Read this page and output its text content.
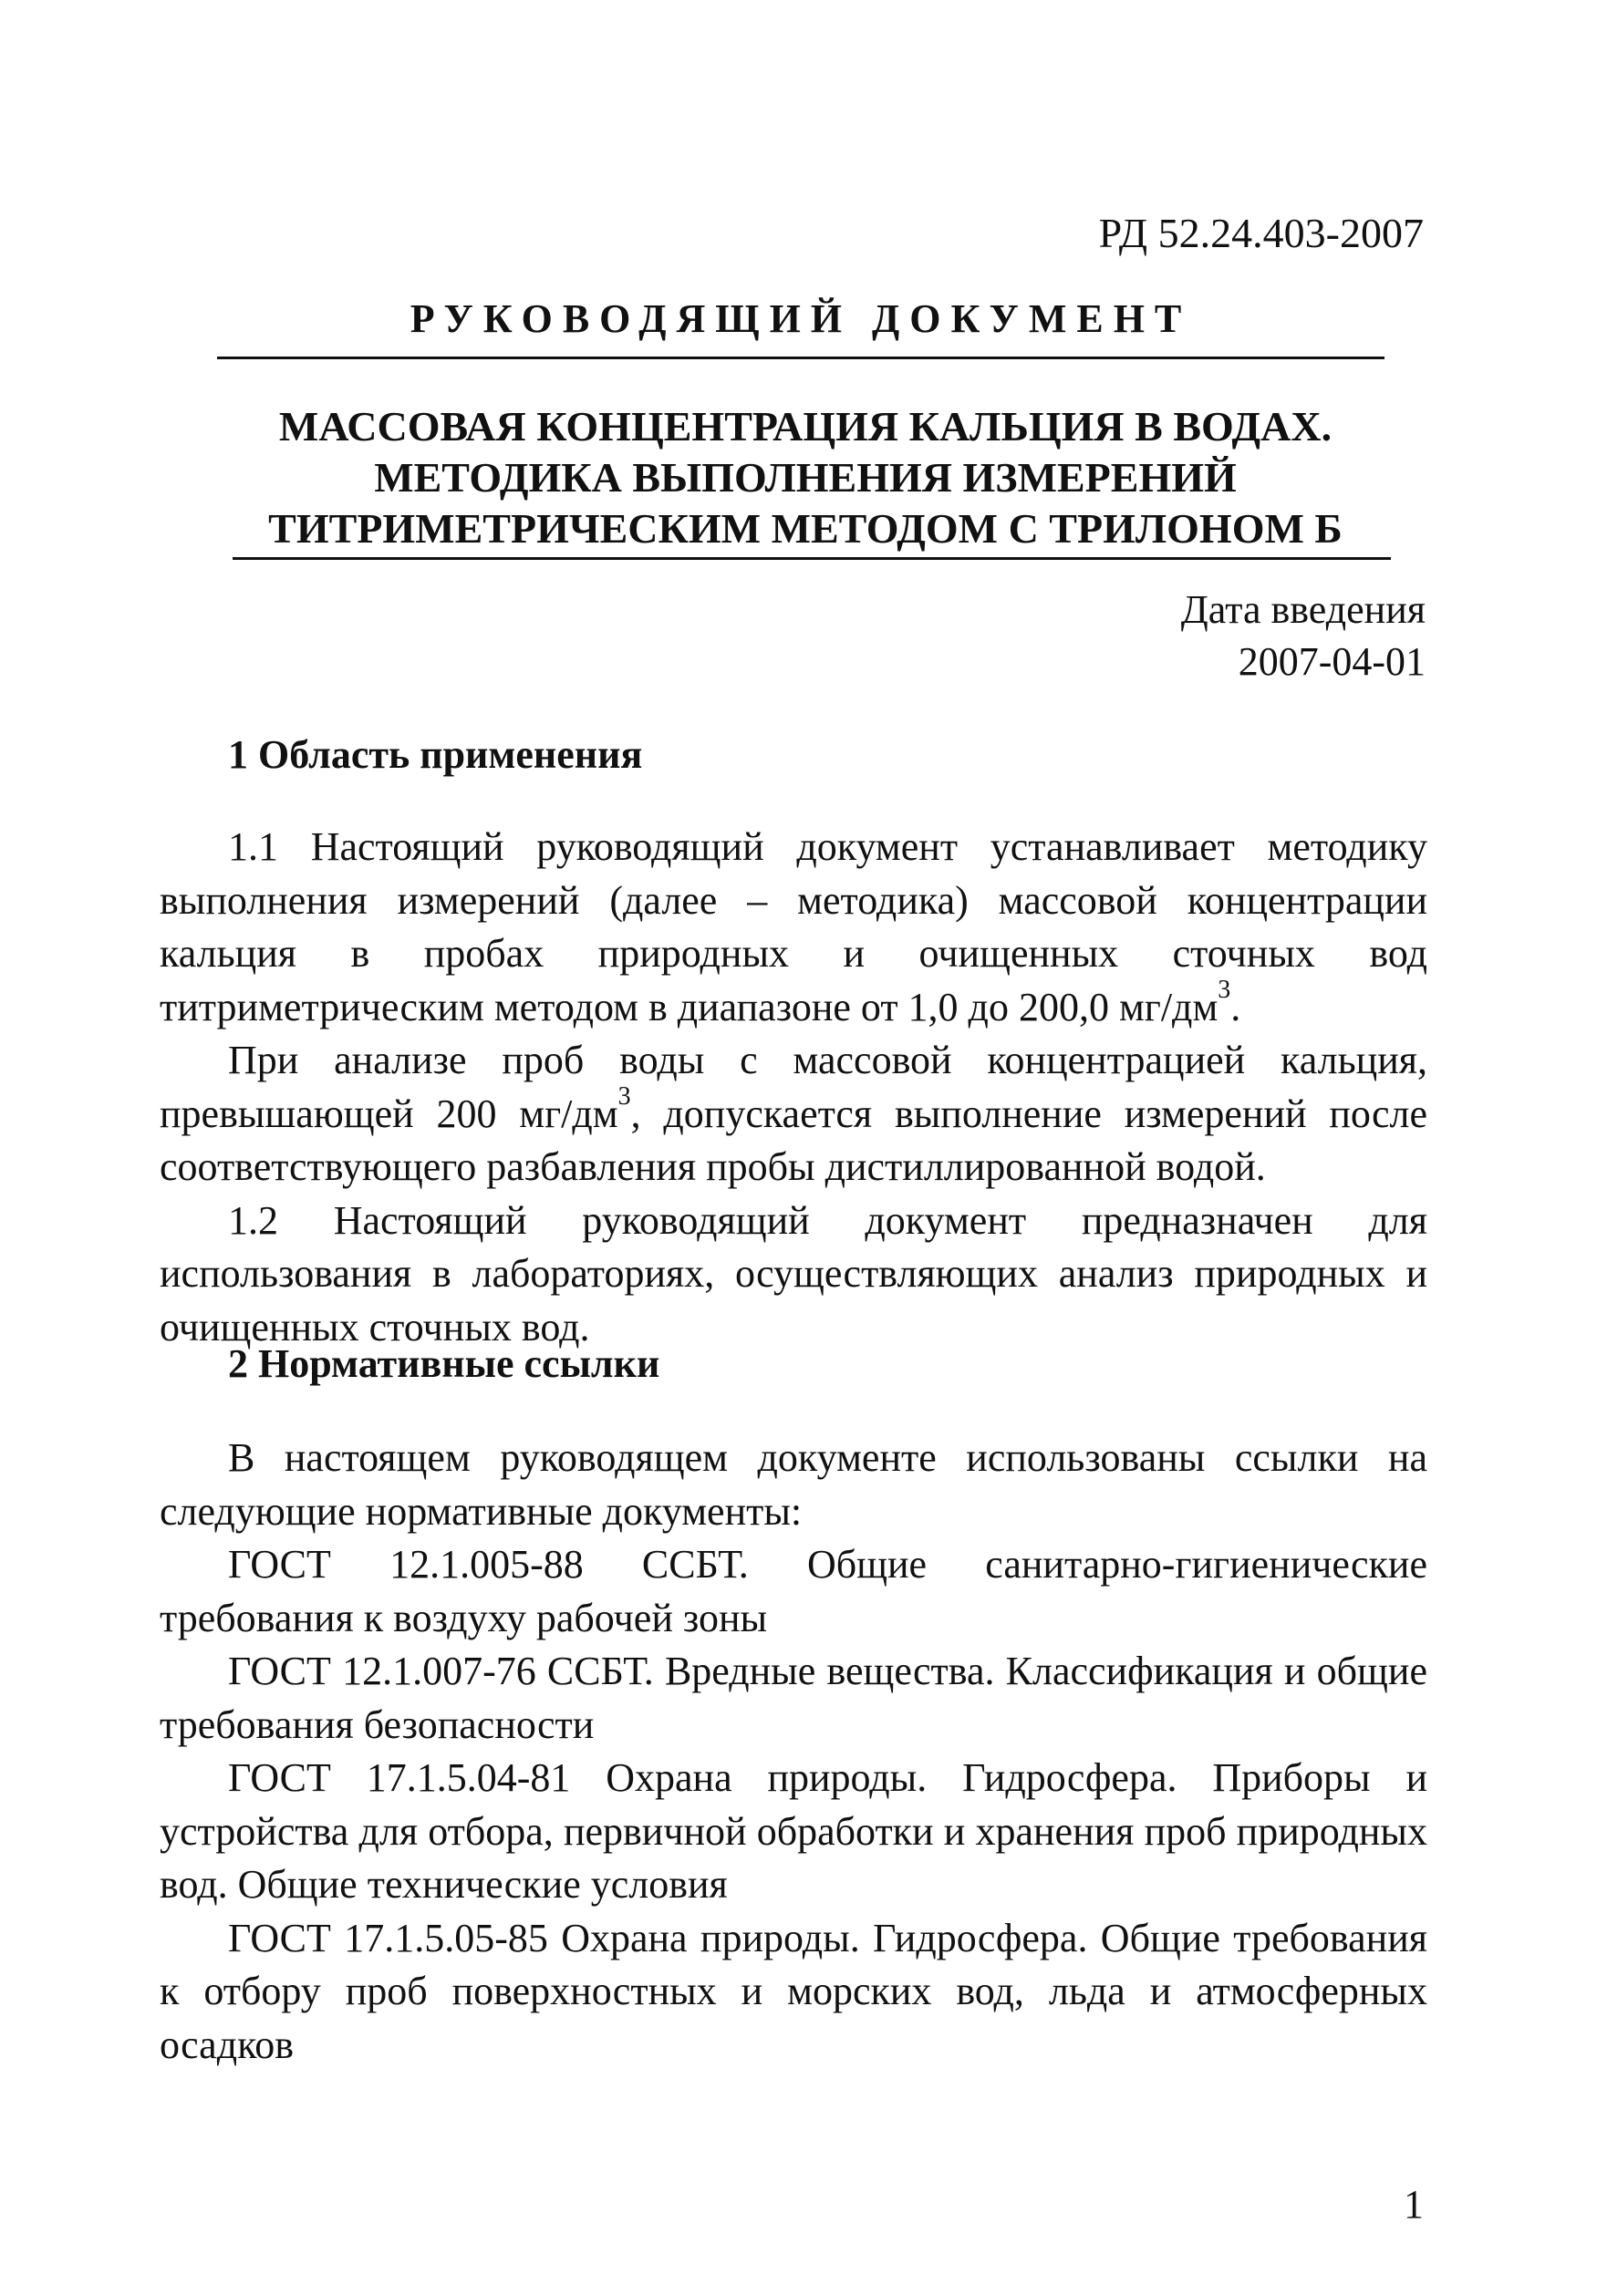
РД 52.24.403-2007
РУКОВОДЯЩИЙ ДОКУМЕНТ
МАССОВАЯ КОНЦЕНТРАЦИЯ КАЛЬЦИЯ В ВОДАХ.
МЕТОДИКА ВЫПОЛНЕНИЯ ИЗМЕРЕНИЙ
ТИТРИМЕТРИЧЕСКИМ МЕТОДОМ С ТРИЛОНОМ Б
Дата введения
2007-04-01
1 Область применения

1.1 Настоящий руководящий документ устанавливает методику выполнения измерений (далее – методика) массовой концентрации кальция в пробах природных и очищенных сточных вод титриметрическим методом в диапазоне от 1,0 до 200,0 $мг/дм^3$.

При анализе проб воды с массовой концентрацией кальция, превышающей 200 $мг/дм^3$, допускается выполнение измерений после соответствующего разбавления пробы дистиллированной водой.

1.2 Настоящий руководящий документ предназначен для использования в лабораториях, осуществляющих анализ природных и очищенных сточных вод.

2 Нормативные ссылки

В настоящем руководящем документе использованы ссылки на следующие нормативные документы:

ГОСТ 12.1.005-88 ССБТ. Общие санитарно-гигиенические требования к воздуху рабочей зоны

ГОСТ 12.1.007-76 ССБТ. Вредные вещества. Классификация и общие требования безопасности

ГОСТ 17.1.5.04-81 Охрана природы. Гидросфера. Приборы и устройства для отбора, первичной обработки и хранения проб природных вод. Общие технические условия

ГОСТ 17.1.5.05-85 Охрана природы. Гидросфера. Общие требования к отбору проб поверхностных и морских вод, льда и атмосферных осадков

1
